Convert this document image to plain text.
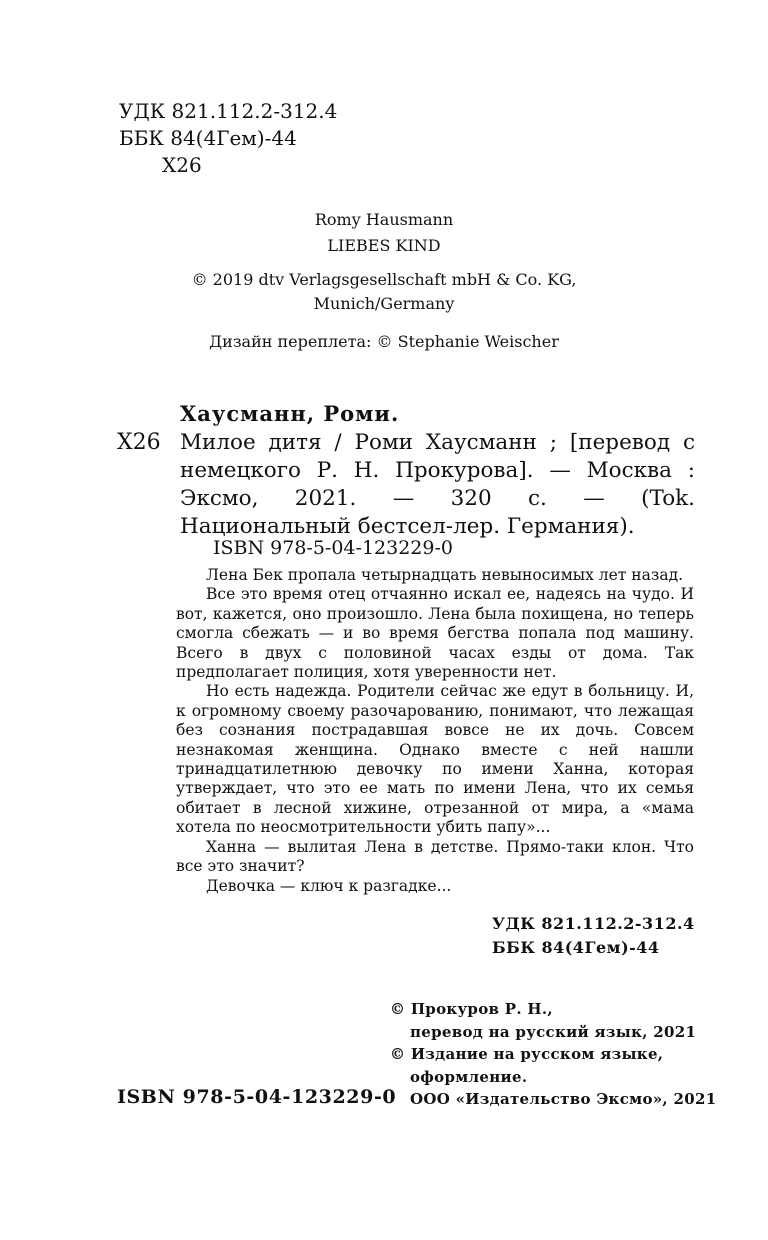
УДК 821.112.2-312.4
ББК 84(4Гем)-44
Х26
Romy Hausmann
LIEBES KIND
© 2019 dtv Verlagsgesellschaft mbH & Co. KG,
Munich/Germany
Дизайн переплета: © Stephanie Weischer
Хаусманн, Роми.
Х26 Милое дитя / Роми Хаусманн ; [перевод с немецкого Р. Н. Прокурова]. — Москва : Эксмо, 2021. — 320 с. — (Tok. Национальный бестсел-лер. Германия).
ISBN 978-5-04-123229-0

Лена Бек пропала четырнадцать невыносимых лет назад.

Все это время отец отчаянно искал ее, надеясь на чудо. И вот, кажется, оно произошло. Лена была похищена, но теперь смогла сбежать — и во время бегства попала под машину. Всего в двух с половиной часах езды от дома. Так предполагает полиция, хотя уверенности нет.

Но есть надежда. Родители сейчас же едут в больницу. И, к огромному своему разочарованию, понимают, что лежащая без сознания пострадавшая вовсе не их дочь. Совсем незнакомая женщина. Однако вместе с ней нашли тринадцатилетнюю девочку по имени Ханна, которая утверждает, что это ее мать по имени Лена, что их семья обитает в лесной хижине, отрезанной от мира, а «мама хотела по неосмотрительности убить папу»...

Ханна — вылитая Лена в детстве. Прямо-таки клон. Что все это значит?

Девочка — ключ к разгадке...

УДК 821.112.2-312.4
ББК 84(4Гем)-44
© Прокуров Р. Н.,
перевод на русский язык, 2021
© Издание на русском языке,
оформление.
ООО «Издательство Эксмо», 2021
ISBN 978-5-04-123229-0
